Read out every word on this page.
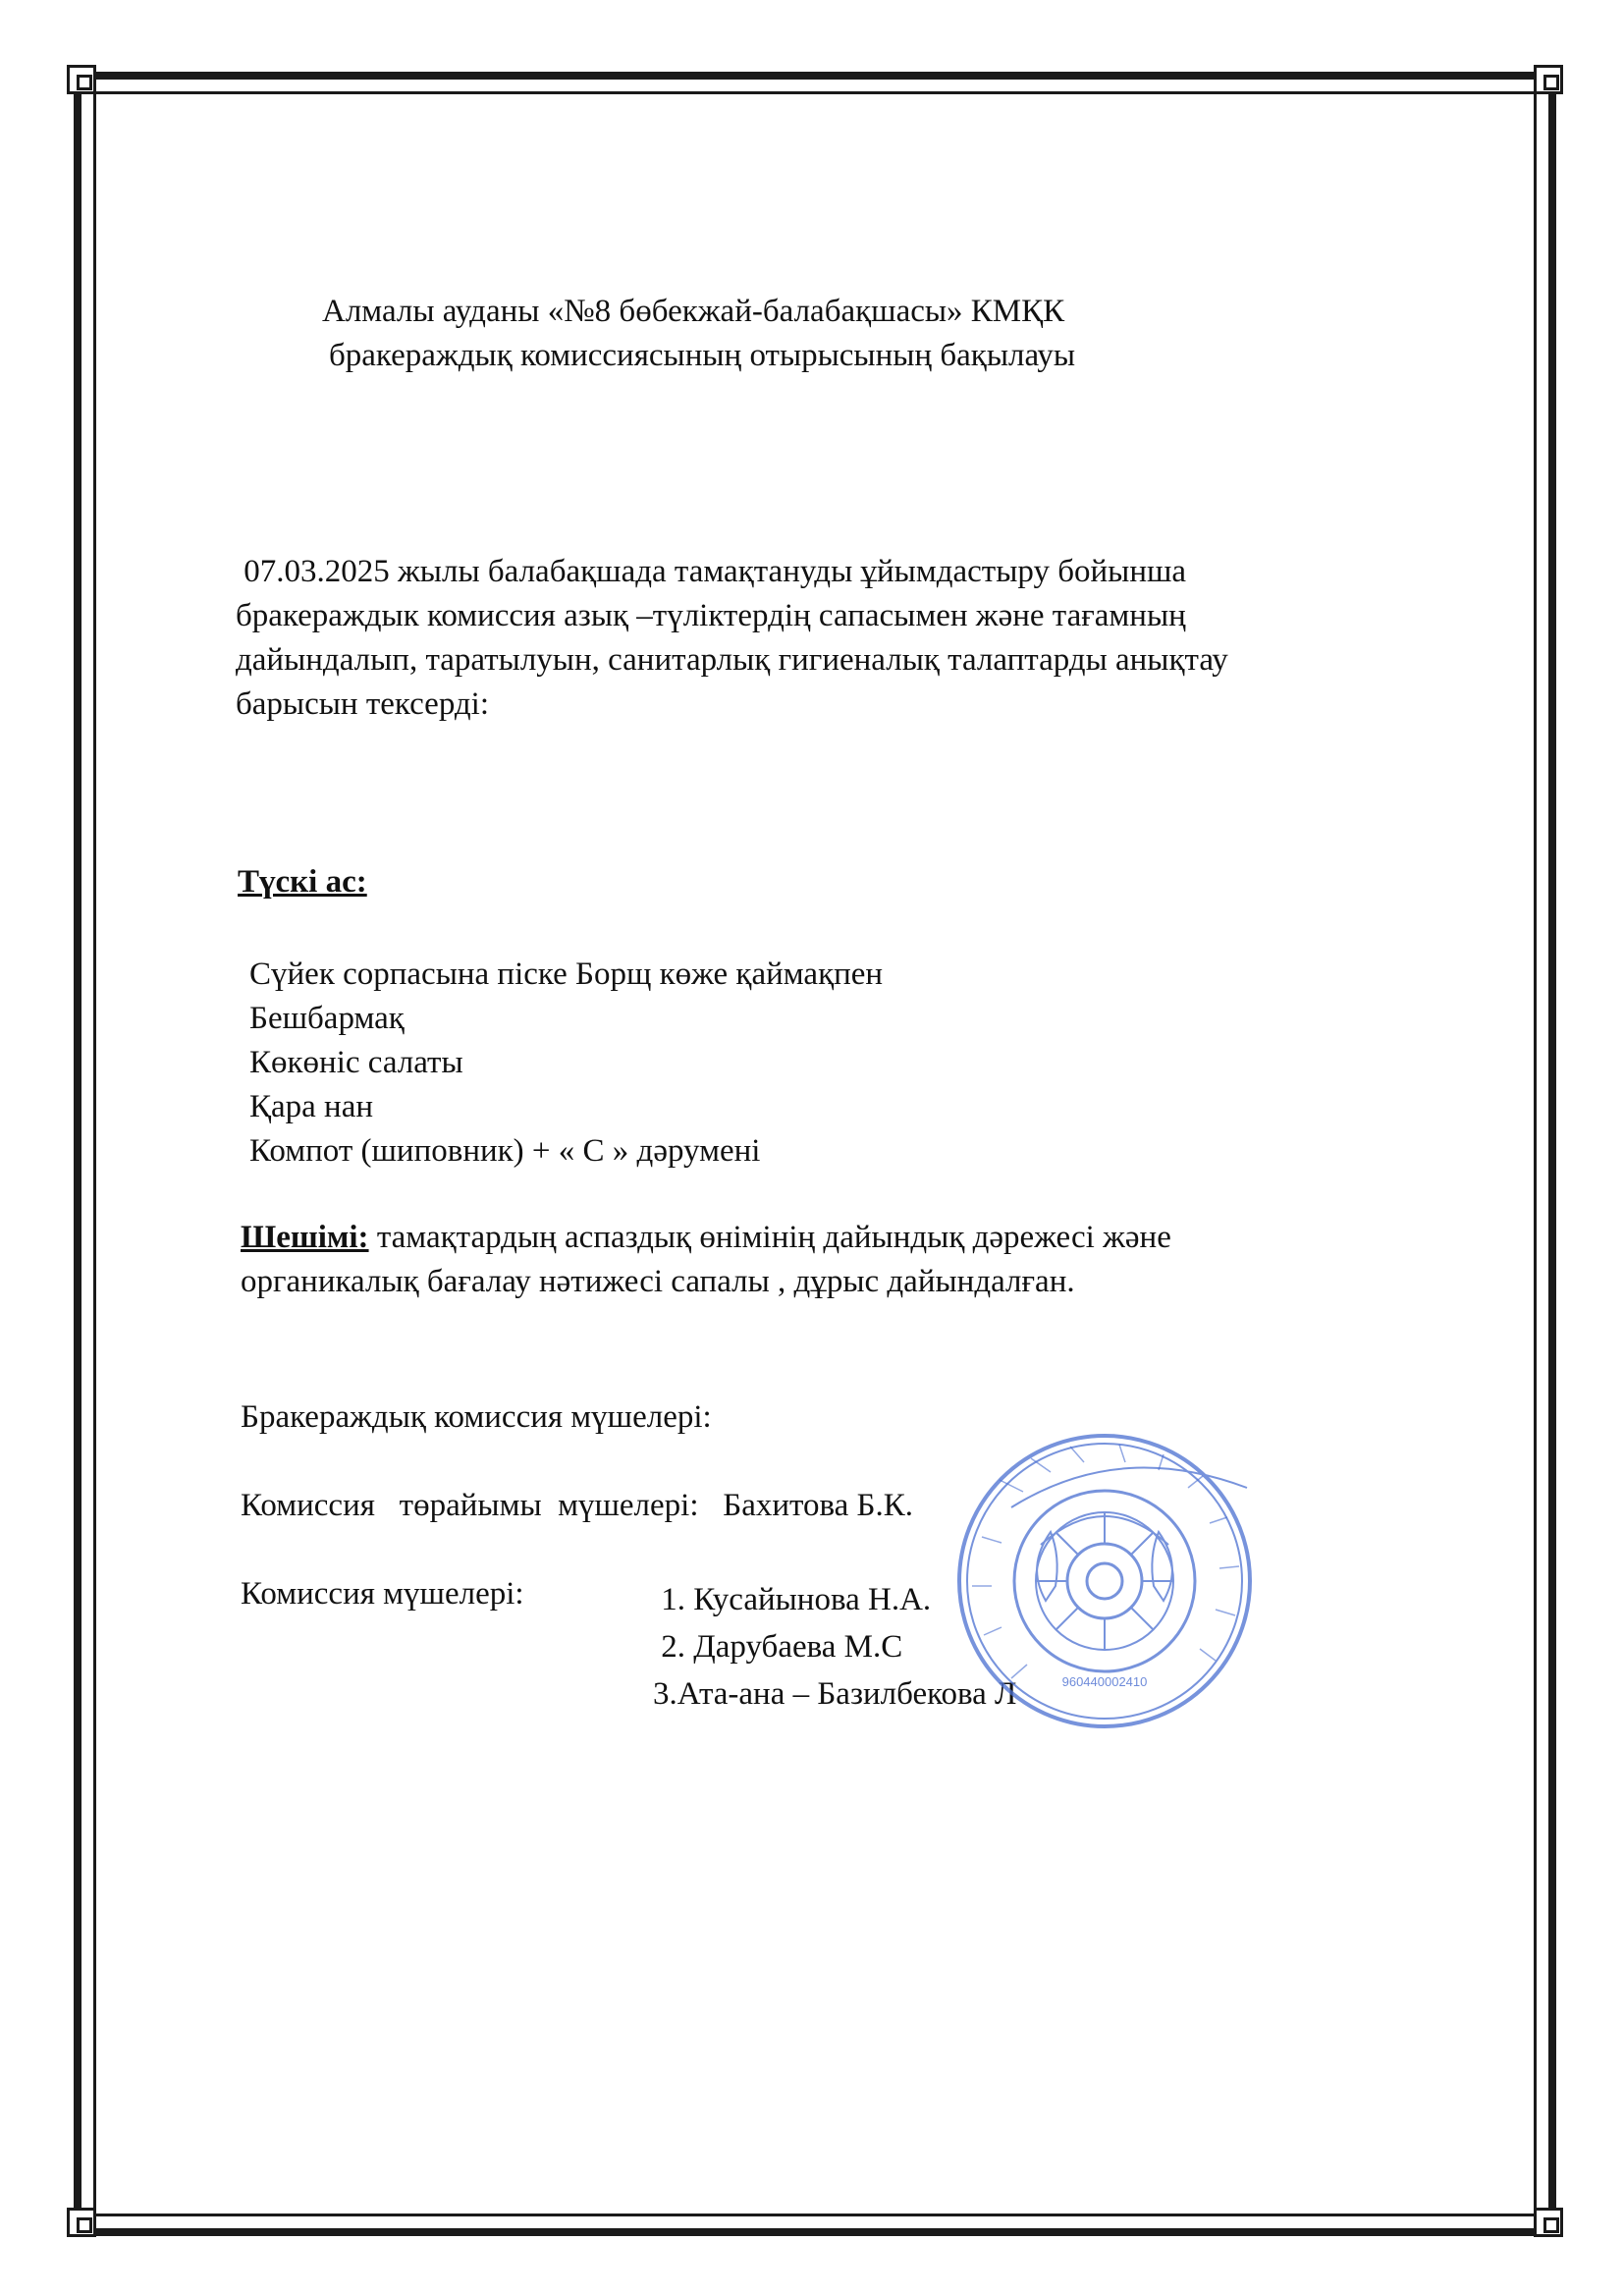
Алмалы ауданы «№8 бөбекжай-балабақшасы» КМҚК
бракераждық комиссиясының отырысының бақылауы

07.03.2025 жылы балабақшада тамақтануды ұйымдастыру бойынша

бракераждык комиссия азық –түліктердің сапасымен және тағамның

дайындалып, таратылуын, санитарлық гигиеналық талаптарды анықтау

барысын тексерді:

Түскі ас:
Сүйек сорпасына піске Борщ көже қаймақпен
Бешбармақ
Көкөніс салаты
Қара нан
Компот (шиповник) + « С » дәрумені
Шешімі: тамақтардың аспаздық өнімінің дайындық дәрежесі және
органикалық бағалау нәтижесі сапалы , дұрыс дайындалған.
Бракераждық комиссия мүшелері:
Комиссия   төрайымы  мүшелері:   Бахитова Б.К.
Комиссия мүшелері:	1. Кусайынова Н.А.
2. Дарубаева М.С
3.Ата-ана – Базилбекова Л	960440002410
